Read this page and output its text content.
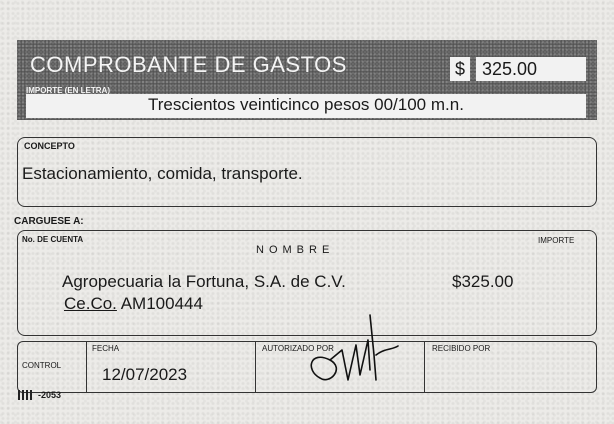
COMPROBANTE DE GASTOS	$ 325.00
IMPORTE (EN LETRA)
Trescientos veinticinco pesos 00/100 m.n.
CONCEPTO
Estacionamiento, comida, transporte.
CARGUESE A:
No. DE CUENTA
NOMBRE
IMPORTE
Agropecuaria la Fortuna, S.A. de C.V.	$325.00
Ce.Co. AM100444
CONTROL
FECHA
12/07/2023
AUTORIZADO POR	RECIBIDO POR
-2053
